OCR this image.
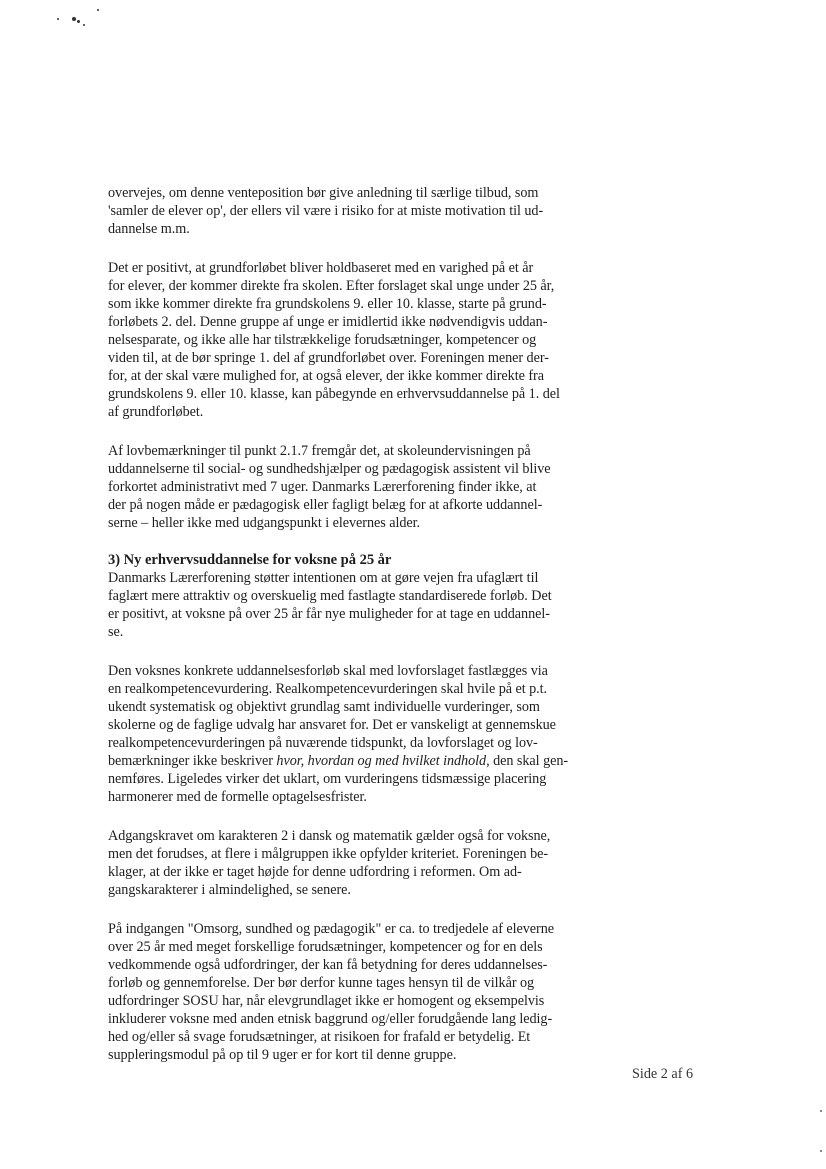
overvejes, om denne venteposition bør give anledning til særlige tilbud, som
'samler de elever op', der ellers vil være i risiko for at miste motivation til ud-
dannelse m.m.

Det er positivt, at grundforløbet bliver holdbaseret med en varighed på et år
for elever, der kommer direkte fra skolen. Efter forslaget skal unge under 25 år,
som ikke kommer direkte fra grundskolens 9. eller 10. klasse, starte på grund-
forløbets 2. del. Denne gruppe af unge er imidlertid ikke nødvendigvis uddan-
nelsesparate, og ikke alle har tilstrækkelige forudsætninger, kompetencer og
viden til, at de bør springe 1. del af grundforløbet over. Foreningen mener der-
for, at der skal være mulighed for, at også elever, der ikke kommer direkte fra
grundskolens 9. eller 10. klasse, kan påbegynde en erhvervsuddannelse på 1. del
af grundforløbet.

Af lovbemærkninger til punkt 2.1.7 fremgår det, at skoleundervisningen på
uddannelserne til social- og sundhedshjælper og pædagogisk assistent vil blive
forkortet administrativt med 7 uger. Danmarks Lærerforening finder ikke, at
der på nogen måde er pædagogisk eller fagligt belæg for at afkorte uddannel-
serne – heller ikke med udgangspunkt i elevernes alder.

3) Ny erhvervsuddannelse for voksne på 25 år
Danmarks Lærerforening støtter intentionen om at gøre vejen fra ufaglært til
faglært mere attraktiv og overskuelig med fastlagte standardiserede forløb. Det
er positivt, at voksne på over 25 år får nye muligheder for at tage en uddannel-
se.

Den voksnes konkrete uddannelsesforløb skal med lovforslaget fastlægges via
en realkompetencevurdering. Realkompetencevurderingen skal hvile på et p.t.
ukendt systematisk og objektivt grundlag samt individuelle vurderinger, som
skolerne og de faglige udvalg har ansvaret for. Det er vanskeligt at gennemskue
realkompetencevurderingen på nuværende tidspunkt, da lovforslaget og lov-
bemærkninger ikke beskriver hvor, hvordan og med hvilket indhold, den skal gen-
nemføres. Ligeledes virker det uklart, om vurderingens tidsmæssige placering
harmonerer med de formelle optagelsesfrister.

Adgangskravet om karakteren 2 i dansk og matematik gælder også for voksne,
men det forudses, at flere i målgruppen ikke opfylder kriteriet. Foreningen be-
klager, at der ikke er taget højde for denne udfordring i reformen. Om ad-
gangskarakterer i almindelighed, se senere.

På indgangen "Omsorg, sundhed og pædagogik" er ca. to tredjedele af eleverne
over 25 år med meget forskellige forudsætninger, kompetencer og for en dels
vedkommende også udfordringer, der kan få betydning for deres uddannelses-
forløb og gennemforelse. Der bør derfor kunne tages hensyn til de vilkår og
udfordringer SOSU har, når elevgrundlaget ikke er homogent og eksempelvis
inkluderer voksne med anden etnisk baggrund og/eller forudgående lang ledig-
hed og/eller så svage forudsætninger, at risikoen for frafald er betydelig. Et
suppleringsmodul på op til 9 uger er for kort til denne gruppe.

Side 2 af 6
